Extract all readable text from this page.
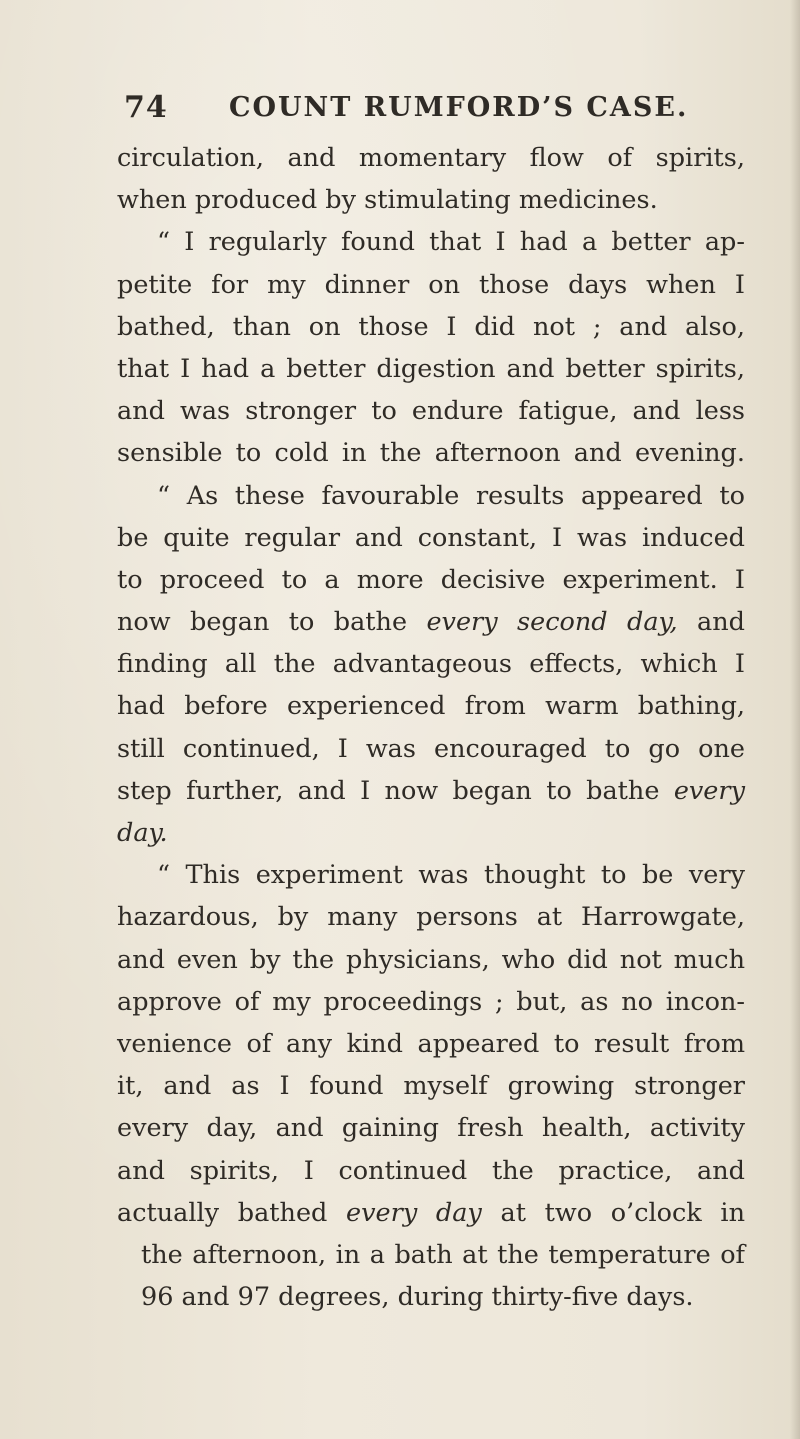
74 COUNT RUMFORD’S CASE.
circulation, and momentary flow of spirits,
when produced by stimulating medicines.
“ I regularly found that I had a better ap-
petite for my dinner on those days when I
bathed, than on those I did not ; and also,
that I had a better digestion and better spirits,
and was stronger to endure fatigue, and less
sensible to cold in the afternoon and evening.
“ As these favourable results appeared to
be quite regular and constant, I was induced
to proceed to a more decisive experiment. I
now began to bathe every second day, and
finding all the advantageous effects, which I
had before experienced from warm bathing,
still continued, I was encouraged to go one
step further, and I now began to bathe every
day.
“ This experiment was thought to be very
hazardous, by many persons at Harrowgate,
and even by the physicians, who did not much
approve of my proceedings ; but, as no incon-
venience of any kind appeared to result from
it, and as I found myself growing stronger
every day, and gaining fresh health, activity
and spirits, I continued the practice, and
actually bathed every day at two o’clock in
the afternoon, in a bath at the temperature of
96 and 97 degrees, during thirty-five days.
